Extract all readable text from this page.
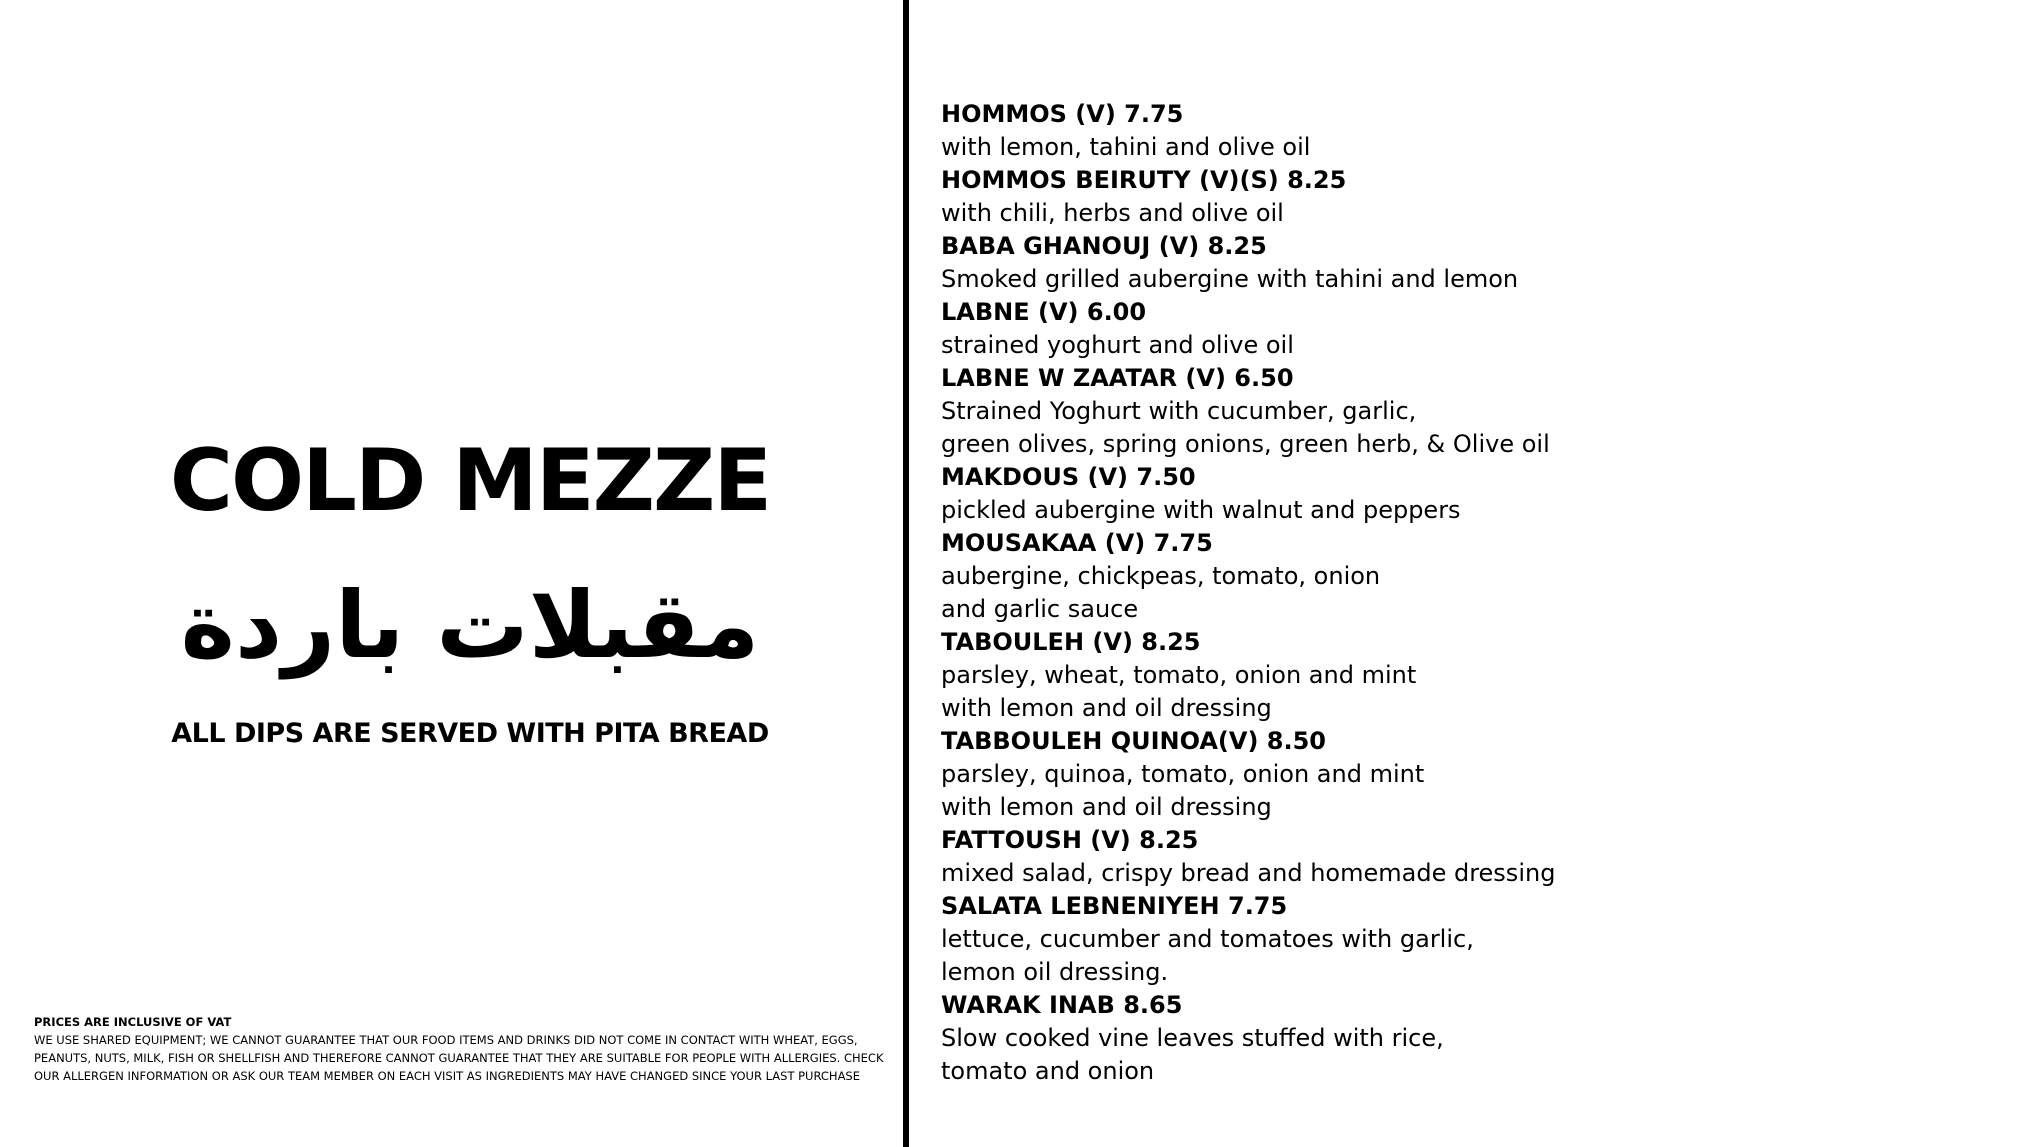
COLD MEZZE
مقبلات باردة
ALL DIPS ARE SERVED WITH PITA BREAD
PRICES ARE INCLUSIVE OF VAT
WE USE SHARED EQUIPMENT; WE CANNOT GUARANTEE THAT OUR FOOD ITEMS AND DRINKS DID NOT COME IN CONTACT WITH WHEAT, EGGS, PEANUTS, NUTS, MILK, FISH OR SHELLFISH AND THEREFORE CANNOT GUARANTEE THAT THEY ARE SUITABLE FOR PEOPLE WITH ALLERGIES. CHECK OUR ALLERGEN INFORMATION OR ASK OUR TEAM MEMBER ON EACH VISIT AS INGREDIENTS MAY HAVE CHANGED SINCE YOUR LAST PURCHASE
HOMMOS (V) 7.75
with lemon, tahini and olive oil
HOMMOS BEIRUTY (V)(S) 8.25
with chili, herbs and olive oil
BABA GHANOUJ (V) 8.25
Smoked grilled aubergine with tahini and lemon
LABNE (V) 6.00
strained yoghurt and olive oil
LABNE W ZAATAR (V) 6.50
Strained Yoghurt with cucumber, garlic,
green olives, spring onions, green herb, & Olive oil
MAKDOUS (V) 7.50
pickled aubergine with walnut and peppers
MOUSAKAA (V) 7.75
aubergine, chickpeas, tomato, onion
and garlic sauce
TABOULEH (V) 8.25
parsley, wheat, tomato, onion and mint
with lemon and oil dressing
TABBOULEH QUINOA(V) 8.50
parsley, quinoa, tomato, onion and mint
with lemon and oil dressing
FATTOUSH (V) 8.25
mixed salad, crispy bread and homemade dressing
SALATA LEBNENIYEH 7.75
lettuce, cucumber and tomatoes with garlic,
lemon oil dressing.
WARAK INAB 8.65
Slow cooked vine leaves stuffed with rice,
tomato and onion
